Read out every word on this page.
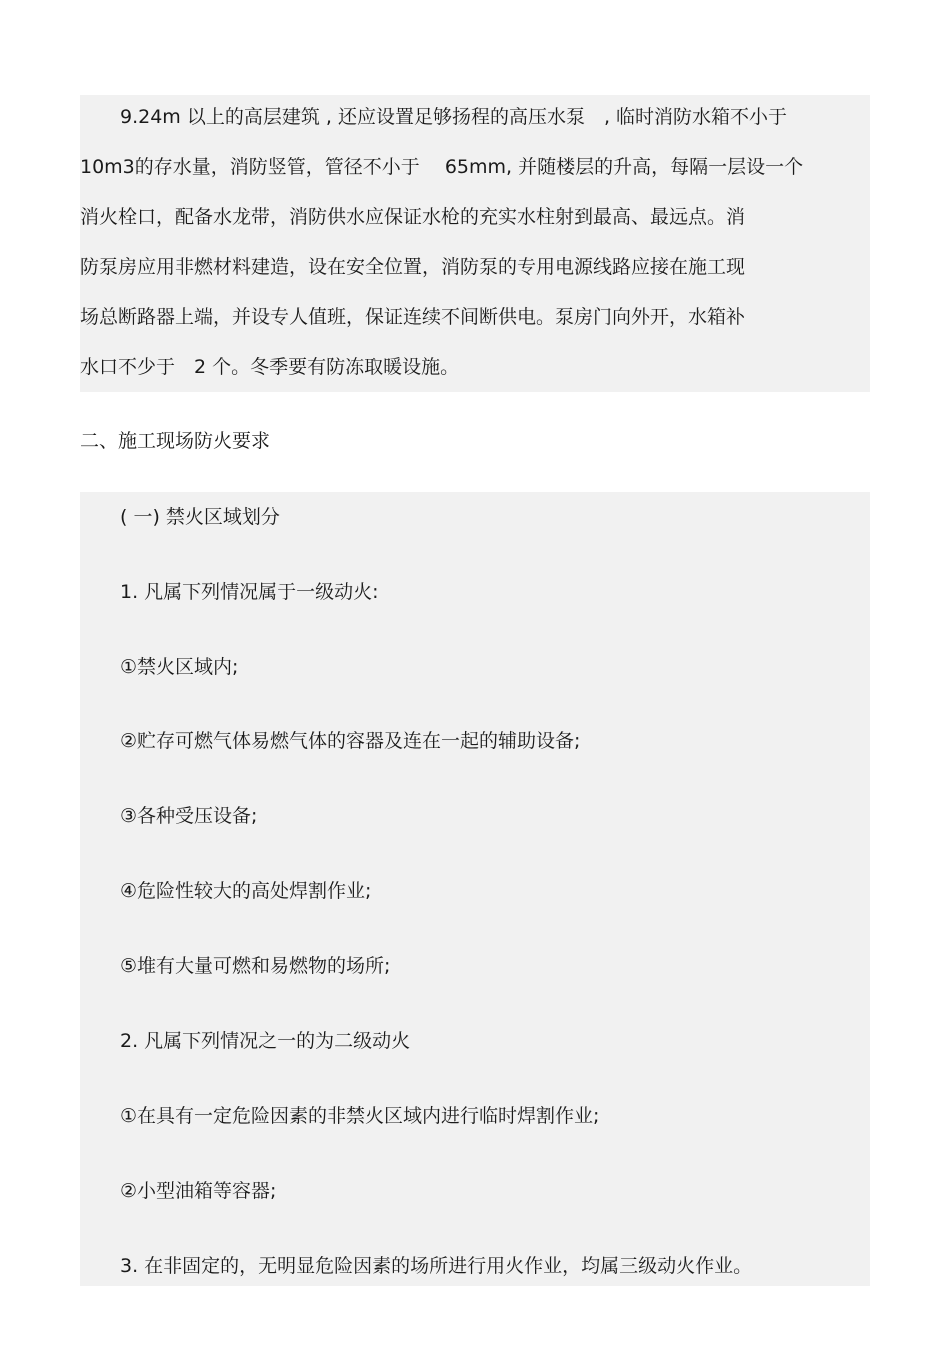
9.24m 以上的高层建筑 , 还应设置足够扬程的高压水泵　, 临时消防水箱不小于
10m3的存水量，消防竖管，管径不小于　 65mm, 并随楼层的升高，每隔一层设一个
消火栓口，配备水龙带，消防供水应保证水枪的充实水柱射到最高、最远点。消
防泵房应用非燃材料建造，设在安全位置，消防泵的专用电源线路应接在施工现
场总断路器上端，并设专人值班，保证连续不间断供电。泵房门向外开，水箱补
水口不少于　2 个。冬季要有防冻取暖设施。
二、施工现场防火要求
( 一) 禁火区域划分
1. 凡属下列情况属于一级动火:
①禁火区域内;
②贮存可燃气体易燃气体的容器及连在一起的辅助设备;
③各种受压设备;
④危险性较大的高处焊割作业;
⑤堆有大量可燃和易燃物的场所;
2. 凡属下列情况之一的为二级动火
①在具有一定危险因素的非禁火区域内进行临时焊割作业;
②小型油箱等容器;
3. 在非固定的，无明显危险因素的场所进行用火作业，均属三级动火作业。
